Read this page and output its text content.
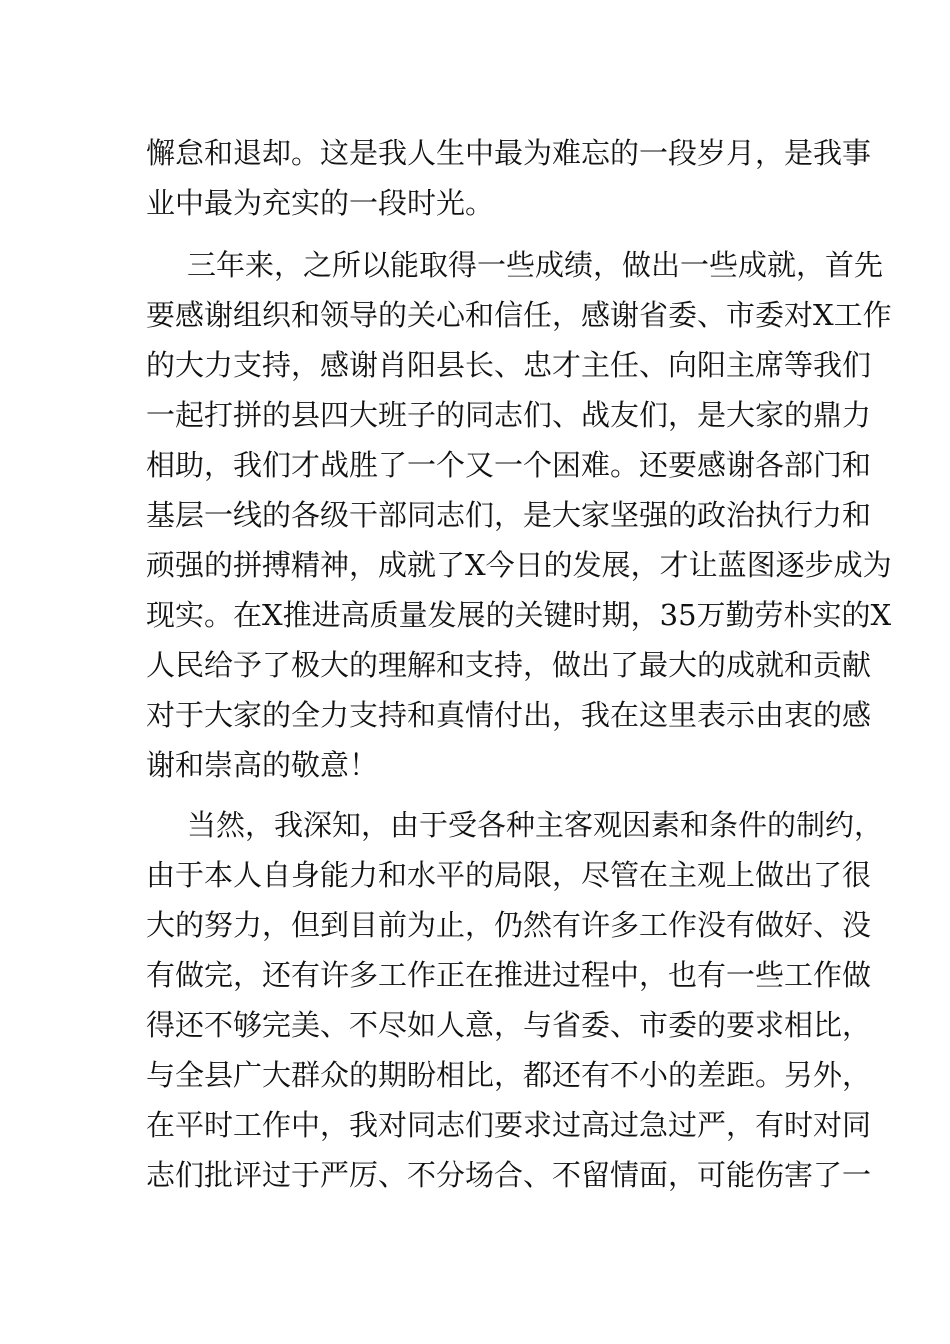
懈怠和退却。这是我人生中最为难忘的一段岁月，是我事
业中最为充实的一段时光。
三年来，之所以能取得一些成绩，做出一些成就，首先
要感谢组织和领导的关心和信任，感谢省委、市委对X工作
的大力支持，感谢肖阳县长、忠才主任、向阳主席等我们
一起打拼的县四大班子的同志们、战友们，是大家的鼎力
相助，我们才战胜了一个又一个困难。还要感谢各部门和
基层一线的各级干部同志们，是大家坚强的政治执行力和
顽强的拼搏精神，成就了X今日的发展，才让蓝图逐步成为
现实。在X推进高质量发展的关键时期，35万勤劳朴实的X
人民给予了极大的理解和支持，做出了最大的成就和贡献
对于大家的全力支持和真情付出，我在这里表示由衷的感
谢和崇高的敬意！
当然，我深知，由于受各种主客观因素和条件的制约，
由于本人自身能力和水平的局限，尽管在主观上做出了很
大的努力，但到目前为止，仍然有许多工作没有做好、没
有做完，还有许多工作正在推进过程中，也有一些工作做
得还不够完美、不尽如人意，与省委、市委的要求相比，
与全县广大群众的期盼相比，都还有不小的差距。另外，
在平时工作中，我对同志们要求过高过急过严，有时对同
志们批评过于严厉、不分场合、不留情面，可能伤害了一
